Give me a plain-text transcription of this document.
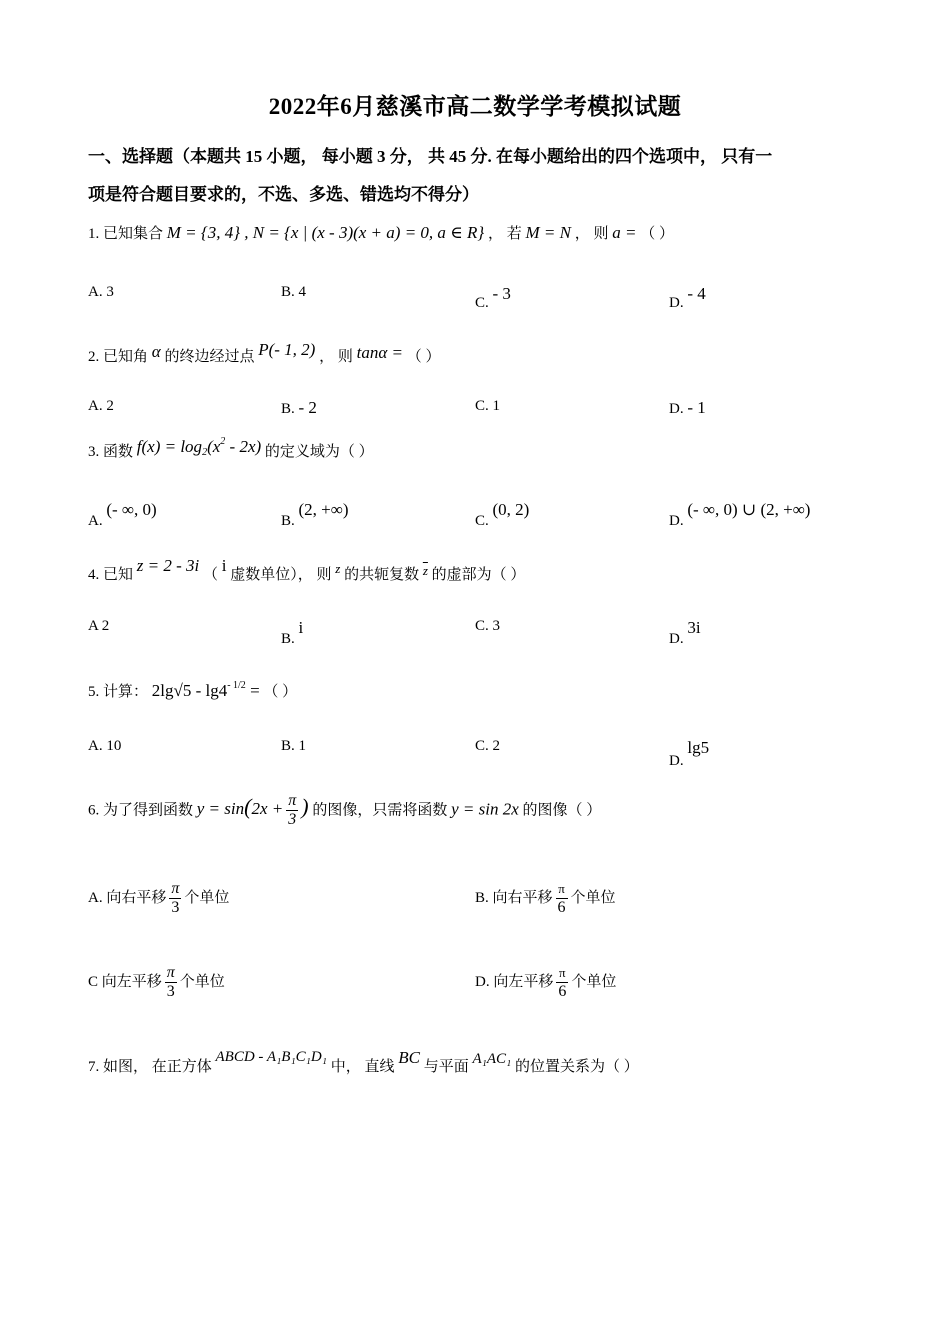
2022年6月慈溪市高二数学学考模拟试题
一、选择题（本题共 15 小题， 每小题 3 分， 共 45 分. 在每小题给出的四个选项中， 只有一
项是符合题目要求的，不选、多选、错选均不得分）
1. 已知集合 M = {3, 4} , N = {x | (x - 3)(x + a) = 0, a ∈ R} ， 若 M = N ， 则 a = （ ）
A. 3	B. 4
C. - 3	D. - 4
2. 已知角 α 的终边经过点 P(- 1, 2) ， 则 tanα = （ ）
A. 2	B. - 2	C. 1	D. - 1
3. 函数 $f(x) = \log_2(x^2 - 2x)$ 的定义域为（ ）
A. (- ∞, 0)
B. (2, +∞)
C. (0, 2)
D. (- ∞, 0) ∪ (2, +∞)
4. 已知 z = 2 - 3i （ i 虚数单位）， 则 z 的共轭复数 $\overline{z}$ 的虚部为（ ）
A 2
B. i	C. 3
D. 3i
5. 计算： $2\lg√5 - \lg 4^{- 1/2}$ = （ ）
A. 10	B. 1	C. 2
D. lg5
6. 为了得到函数 $y = \sin(2x + \frac{\pi}{3}$ ) 的图像，只需将函数 y = sin 2x 的图像（ ）
A. 向右平移 $\frac{\pi}{3}$ 个单位	B. 向右平移 $\frac{\pi}{6}$ 个单位
C 向左平移 $\frac{\pi}{3}$ 个单位	D. 向左平移 $\frac{\pi}{6}$ 个单位
7. 如图， 在正方体 ABCD - A₁B₁C₁D₁ 中， 直线 BC 与平面 A₁AC₁ 的位置关系为（ ）
